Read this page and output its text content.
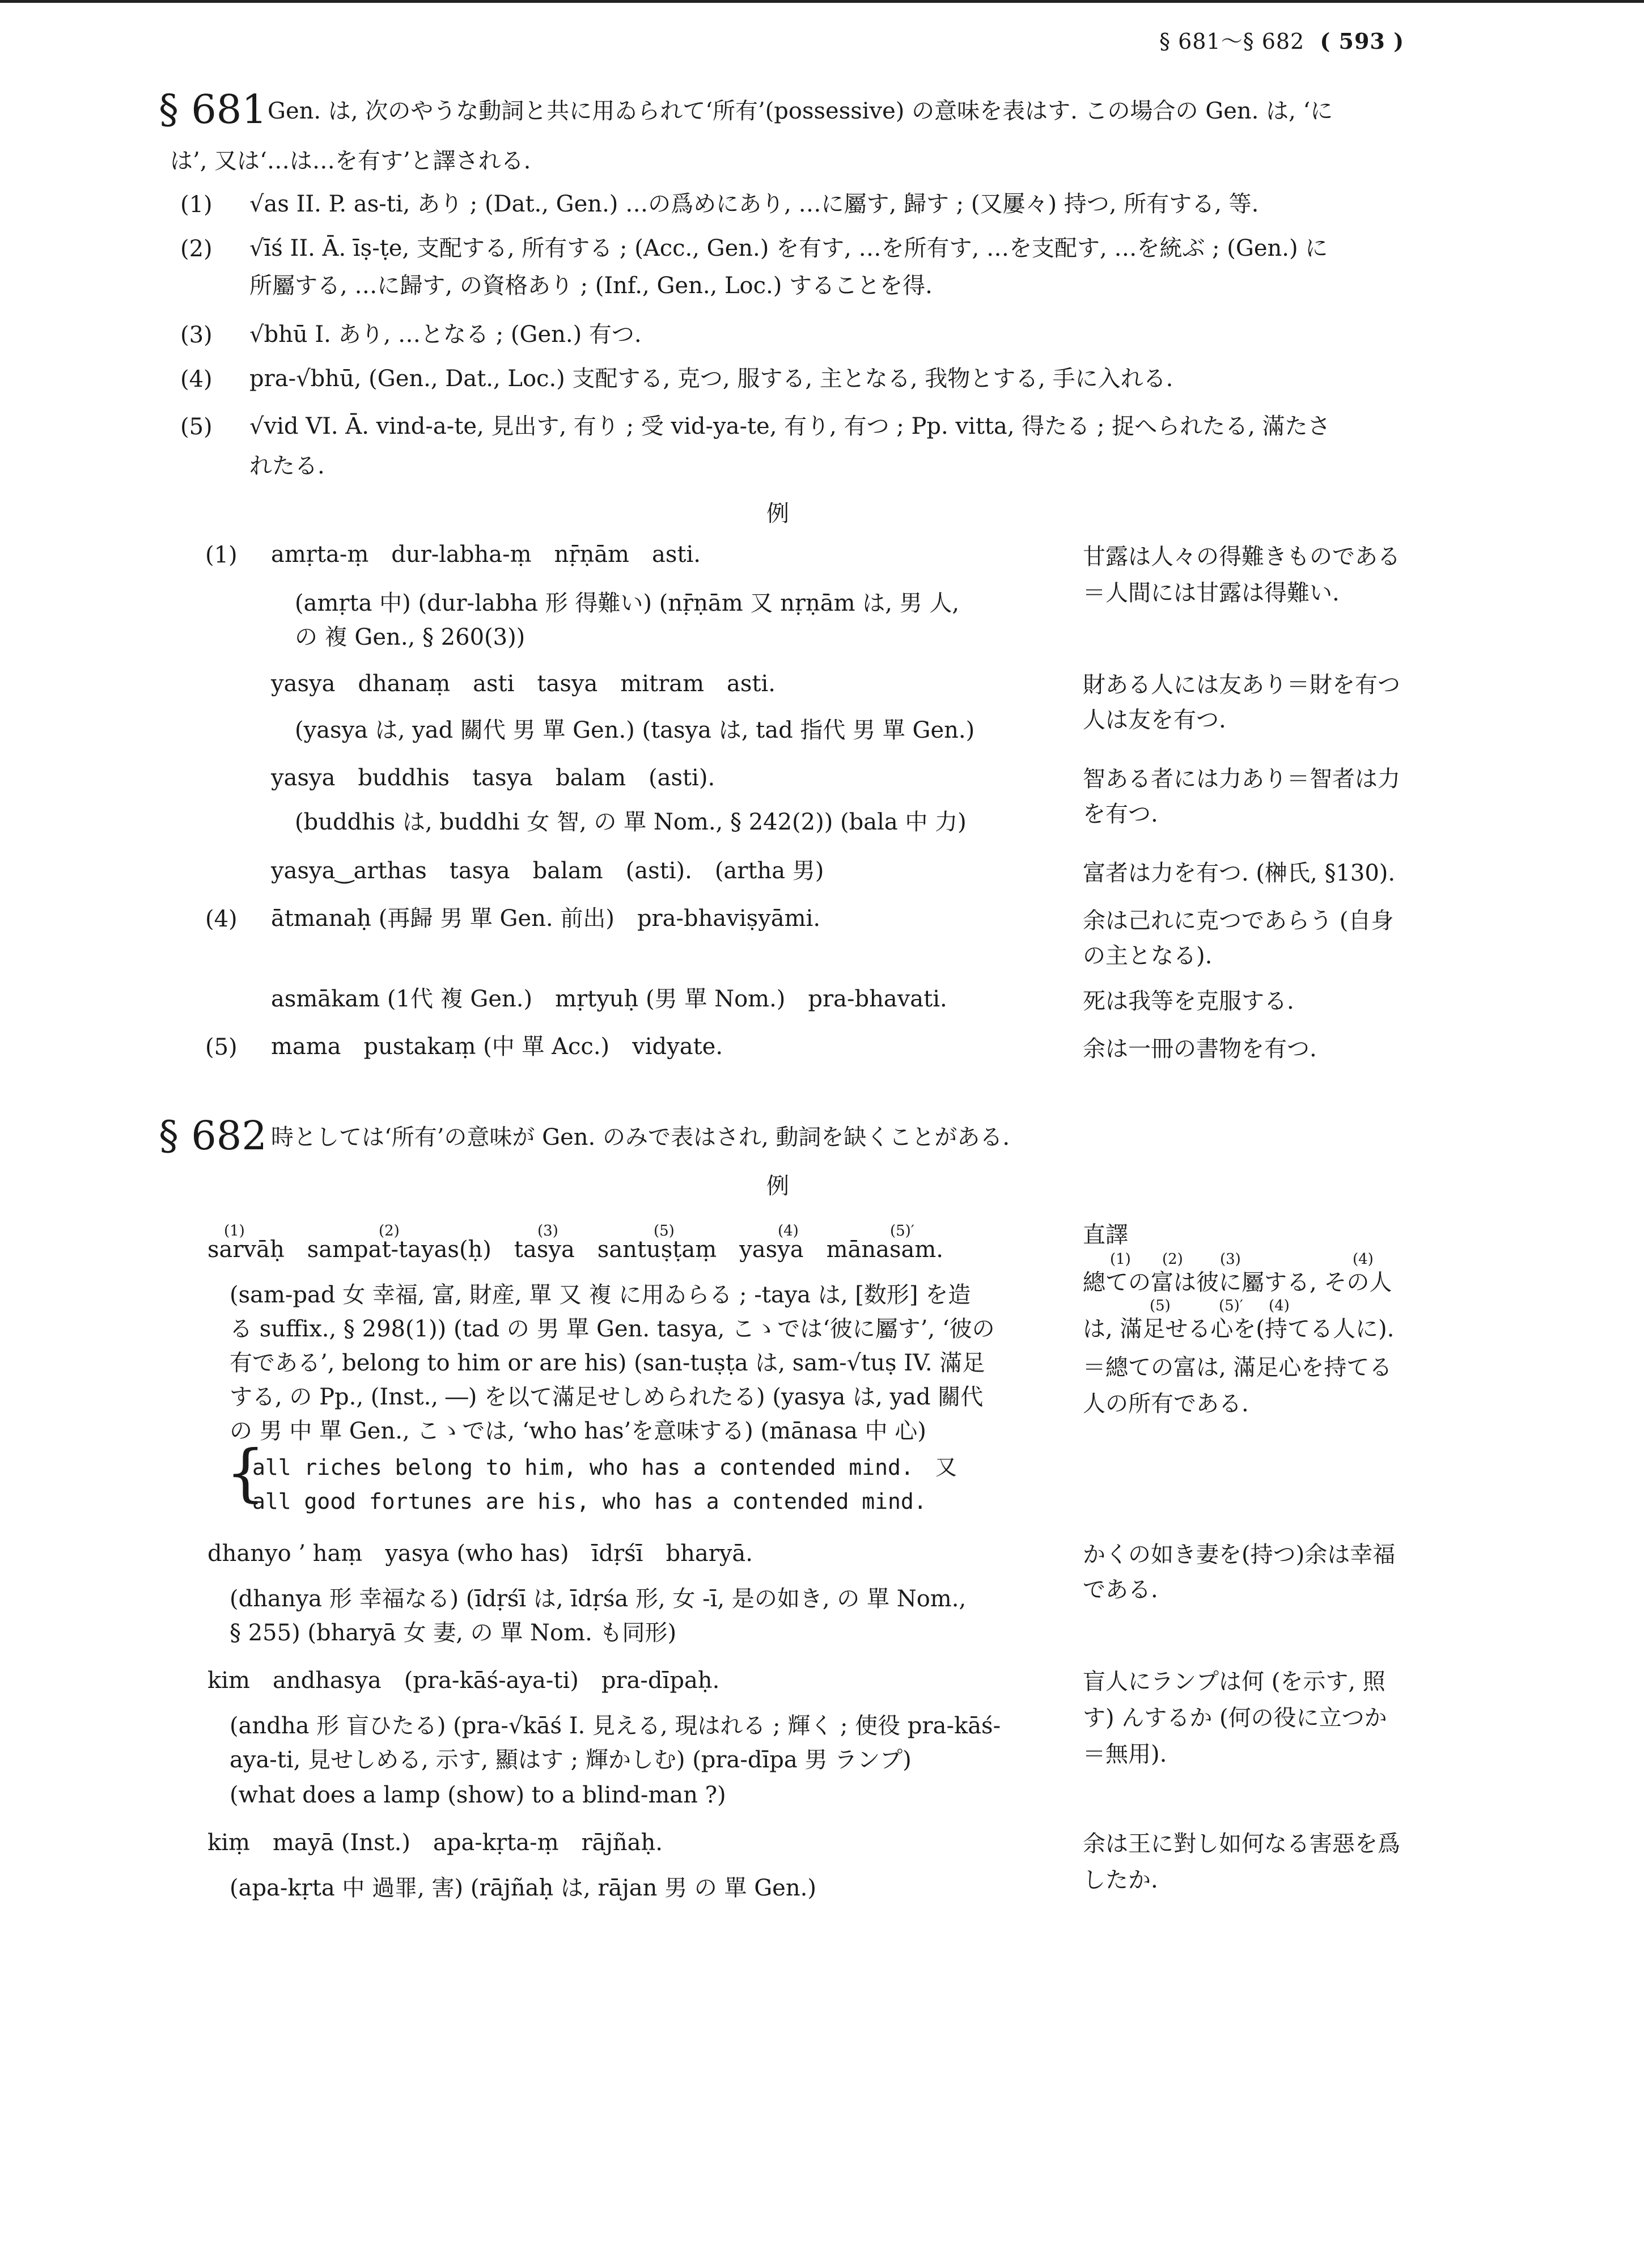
§ 681～§ 682 ( 593 )
§ 681 Gen. は, 次のやうな動詞と共に用ゐられて‘所有’(possessive) の意味を表はす. この場合の Gen. は, ‘に
は’, 又は‘…は…を有す’と譯される.
(1) √as II. P. as-ti, あり ; (Dat., Gen.) …の爲めにあり, …に屬す, 歸す ; (又屢々) 持つ, 所有する, 等.
(2) √īś II. Ā. īṣ-ṭe, 支配する, 所有する ; (Acc., Gen.) を有す, …を所有す, …を支配す, …を統ぶ ; (Gen.) に
所屬する, …に歸す, の資格あり ; (Inf., Gen., Loc.) することを得.
(3) √bhū I. あり, …となる ; (Gen.) 有つ.
(4) pra-√bhū, (Gen., Dat., Loc.) 支配する, 克つ, 服する, 主となる, 我物とする, 手に入れる.
(5) √vid VI. Ā. vind-a-te, 見出す, 有り ; 受 vid-ya-te, 有り, 有つ ; Pp. vitta, 得たる ; 捉へられたる, 滿たさ
れたる.
例
(1) amṛta-ṃ　dur-labha-ṃ　nṝṇām　asti.
(amṛta 中) (dur-labha 形 得難い) (nṝṇām 又 nṛṇām は, 男 人,
の 複 Gen., § 260(3))
甘露は人々の得難きものである
＝人間には甘露は得難い.
yasya　dhanaṃ　asti　tasya　mitram　asti.
(yasya は, yad 關代 男 單 Gen.) (tasya は, tad 指代 男 單 Gen.)
財ある人には友あり＝財を有つ
人は友を有つ.
yasya　buddhis　tasya　balam　(asti).
(buddhis は, buddhi 女 智, の 單 Nom., § 242(2)) (bala 中 力)
智ある者には力あり＝智者は力
を有つ.
yasya‿arthas　tasya　balam　(asti).　(artha 男)	富者は力を有つ. (榊氏, §130).
(4) ātmanaḥ (再歸 男 單 Gen. 前出)　pra-bhaviṣyāmi.	余は己れに克つであらう (自身
の主となる).
asmākam (1代 複 Gen.)　mṛtyuḥ (男 單 Nom.)　pra-bhavati.	死は我等を克服する.
(5) mama　pustakaṃ (中 單 Acc.)　vidyate.	余は一冊の書物を有つ.
§ 682 時としては‘所有’の意味が Gen. のみで表はされ, 動詞を缺くことがある.
例
(1)	(2)	(3)	(5)	(4)	(5)′
sarvāḥ　sampat-tayas(ḥ)　tasya　santuṣṭaṃ　yasya　mānasam.
(sam-pad 女 幸福, 富, 財産, 單 又 複 に用ゐらる ; -taya は, [数形] を造
る suffix., § 298(1)) (tad の 男 單 Gen. tasya, こゝでは‘彼に屬す’, ‘彼の
有である’, belong to him or are his) (san-tuṣṭa は, sam-√tuṣ IV. 滿足
する, の Pp., (Inst., ―) を以て滿足せしめられたる) (yasya は, yad 關代
の 男 中 單 Gen., こゝでは, ‘who has’を意味する) (mānasa 中 心)
{
all riches belong to him, who has a contended mind.　又
all good fortunes are his, who has a contended mind.
直譯
(1) (2)	(3)	(4)
總ての富は彼に屬する, その人
(5)	(5)′ (4)
は, 滿足せる心を(持てる人に).
＝總ての富は, 滿足心を持てる
人の所有である.
dhanyo ’ haṃ　yasya (who has)　īdṛśī　bharyā.
(dhanya 形 幸福なる) (īdṛśī は, īdṛśa 形, 女 -ī, 是の如き, の 單 Nom.,
§ 255) (bharyā 女 妻, の 單 Nom. も同形)
かくの如き妻を(持つ)余は幸福
である.
kim　andhasya　(pra-kāś-aya-ti)　pra-dīpaḥ.
(andha 形 盲ひたる) (pra-√kāś I. 見える, 現はれる ; 輝く ; 使役 pra-kāś-
aya-ti, 見せしめる, 示す, 顯はす ; 輝かしむ) (pra-dīpa 男 ランプ)
(what does a lamp (show) to a blind-man ?)
盲人にランプは何 (を示す, 照
す) んするか (何の役に立つか
＝無用).
kiṃ　mayā (Inst.)　apa-kṛta-ṃ　rājñaḥ.
(apa-kṛta 中 過罪, 害) (rājñaḥ は, rājan 男 の 單 Gen.)
余は王に對し如何なる害惡を爲
したか.
